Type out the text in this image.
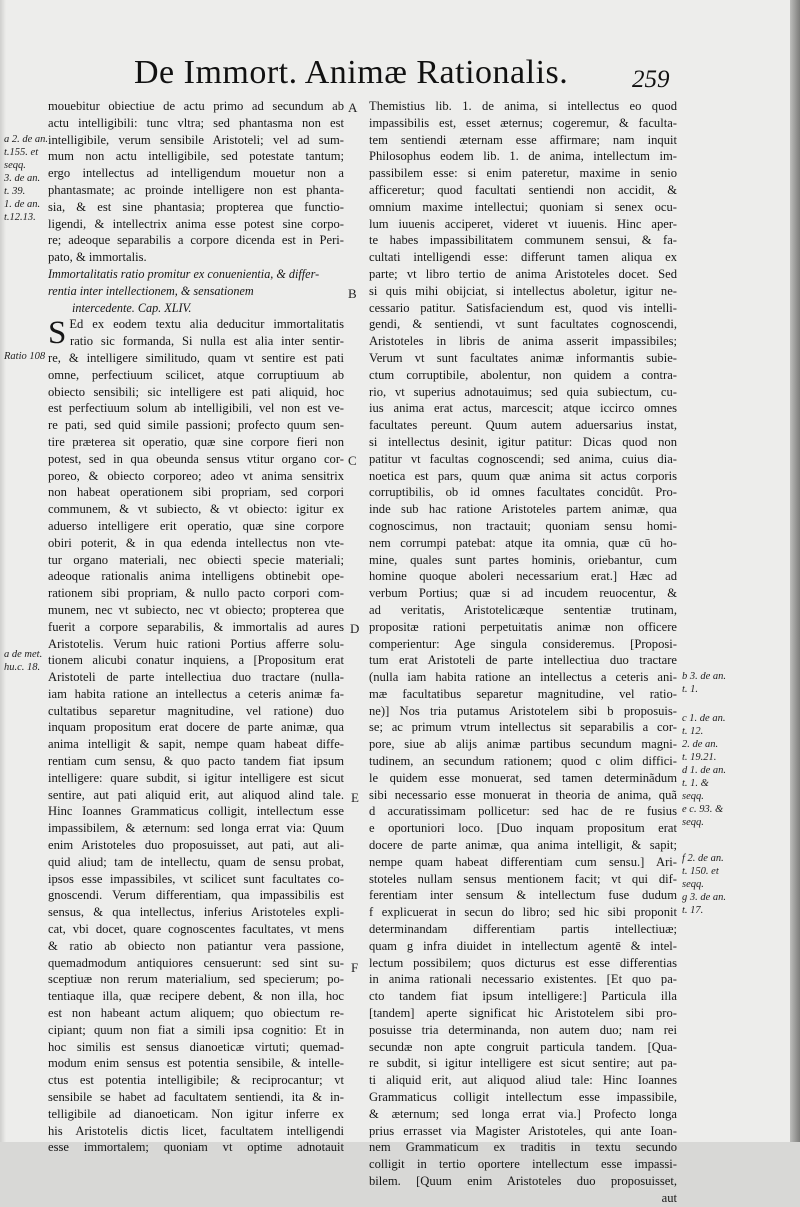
De Immort. Animæ Rationalis.	259
a 2. de an.
t.155. et
seqq.
3. de an.
t. 39.
1. de an.
t.12.13.
Ratio 108
a de met.
hu.c. 18.
mouebitur obiectiue de actu primo ad secundum ab
actu intelligibili: tunc vltra; sed phantasma non est
intelligibile, verum sensibile Aristoteli; vel ad sum-
mum non actu intelligibile, sed potestate tantum;
ergo intellectus ad intelligendum mouetur non a
phantasmate; ac proinde intelligere non est phanta-
sia, & est sine phantasia; propterea que functio-
ligendi, & intellectrix anima esse potest sine corpo-
re; adeoque separabilis a corpore dicenda est in Peri-
pato, & immortalis.
Immortalitatis ratio promitur ex conuenientia, & differ-
rentia inter intellectionem, & sensationem
intercedente. Cap. XLIV.
S Ed ex eodem textu alia deducitur immortalitatis
ratio sic formanda, Si nulla est alia inter sentir-
re, & intelligere similitudo, quam vt sentire est pati
omne, perfectiuum scilicet, atque corruptiuum ab
obiecto sensibili; sic intelligere est pati aliquid, hoc
est perfectiuum solum ab intelligibili, vel non est ve-
re pati, sed quid simile passioni; profecto quum sen-
tire præterea sit operatio, quæ sine corpore fieri non
potest, sed in qua obeunda sensus vtitur organo cor-
poreo, & obiecto corporeo; adeo vt anima sensitrix
non habeat operationem sibi propriam, sed corpori
communem, & vt subiecto, & vt obiecto: igitur ex
aduerso intelligere erit operatio, quæ sine corpore
obiri poterit, & in qua edenda intellectus non vte-
tur organo materiali, nec obiecti specie materiali;
adeoque rationalis anima intelligens obtinebit ope-
rationem sibi propriam, & nullo pacto corpori com-
munem, nec vt subiecto, nec vt obiecto; propterea que
fuerit a corpore separabilis, & immortalis ad aures
Aristotelis. Verum huic rationi Portius afferre solu-
tionem alicubi conatur inquiens, a [Propositum erat
Aristoteli de parte intellectiua duo tractare (nulla-
iam habita ratione an intellectus a ceteris animæ fa-
cultatibus separetur magnitudine, vel ratione) duo
inquam propositum erat docere de parte animæ, qua
anima intelligit & sapit, nempe quam habeat diffe-
rentiam cum sensu, & quo pacto tandem fiat ipsum
intelligere: quare subdit, si igitur intelligere est sicut
sentire, aut pati aliquid erit, aut aliquod alind tale.
Hinc Ioannes Grammaticus colligit, intellectum esse
impassibilem, & æternum: sed longa errat via: Quum
enim Aristoteles duo proposuisset, aut pati, aut ali-
quid aliud; tam de intellectu, quam de sensu probat,
ipsos esse impassibiles, vt scilicet sunt facultates co-
gnoscendi. Verum differentiam, qua impassibilis est
sensus, & qua intellectus, inferius Aristoteles expli-
cat, vbi docet, quare cognoscentes facultates, vt mens
& ratio ab obiecto non patiantur vera passione,
quemadmodum antiquiores censuerunt: sed sint su-
sceptiuæ non rerum materialium, sed specierum; po-
tentiaque illa, quæ recipere debent, & non illa, hoc
est non habeant actum aliquem; quo obiectum re-
cipiant; quum non fiat a simili ipsa cognitio: Et in
hoc similis est sensus dianoeticæ virtuti; quemad-
modum enim sensus est potentia sensibile, & intelle-
ctus est potentia intelligibile; & reciprocantur; vt
sensibile se habet ad facultatem sentiendi, ita & in-
telligibile ad dianoeticam. Non igitur inferre ex
his Aristotelis dictis licet, facultatem intelligendi
esse immortalem; quoniam vt optime adnotauit
A
B
C
D
E
F
Themistius lib. 1. de anima, si intellectus eo quod
impassibilis est, esset æternus; cogeremur, & faculta-
tem sentiendi æternam esse affirmare; nam inquit
Philosophus eodem lib. 1. de anima, intellectum im-
passibilem esse: si enim pateretur, maxime in senio
afficeretur; quod facultati sentiendi non accidit, &
omnium maxime intellectui; quoniam si senex ocu-
lum iuuenis acciperet, videret vt iuuenis. Hinc aper-
te habes impassibilitatem communem sensui, & fa-
cultati intelligendi esse: differunt tamen aliqua ex
parte; vt libro tertio de anima Aristoteles docet. Sed
si quis mihi obijciat, si intellectus aboletur, igitur ne-
cessario patitur. Satisfaciendum est, quod vis intelli-
gendi, & sentiendi, vt sunt facultates cognoscendi,
Aristoteles in libris de anima asserit impassibiles;
Verum vt sunt facultates animæ informantis subie-
ctum corruptibile, abolentur, non quidem a contra-
rio, vt superius adnotauimus; sed quia subiectum, cu-
ius anima erat actus, marcescit; atque iccirco omnes
facultates pereunt. Quum autem aduersarius instat,
si intellectus desinit, igitur patitur: Dicas quod non
patitur vt facultas cognoscendi; sed anima, cuius dia-
noetica est pars, quum quæ anima sit actus corporis
corruptibilis, ob id omnes facultates concidût. Pro-
inde sub hac ratione Aristoteles partem animæ, qua
cognoscimus, non tractauit; quoniam sensu homi-
nem corrumpi patebat: atque ita omnia, quæ cū ho-
mine, quales sunt partes hominis, oriebantur, cum
homine quoque aboleri necessarium erat.] Hæc ad
verbum Portius; quæ si ad incudem reuocentur, &
ad veritatis, Aristotelicæque sententiæ trutinam,
propositæ rationi perpetuitatis animæ non officere
comperientur: Age singula consideremus. [Proposi-
tum erat Aristoteli de parte intellectiua duo tractare
(nulla iam habita ratione an intellectus a ceteris ani-
mæ facultatibus separetur magnitudine, vel ratio-
ne)] Nos tria putamus Aristotelem sibi b proposuis-
se; ac primum vtrum intellectus sit separabilis a cor-
pore, siue ab alijs animæ partibus secundum magni-
tudinem, an secundum rationem; quod c olim diffici-
le quidem esse monuerat, sed tamen determinãdum
sibi necessario esse monuerat in theoria de anima, quã
d accuratissimam pollicetur: sed hac de re fusius
e oportuniori loco. [Duo inquam propositum erat
docere de parte animæ, qua anima intelligit, & sapit;
nempe quam habeat differentiam cum sensu.] Ari-
stoteles nullam sensus mentionem facit; vt qui dif-
ferentiam inter sensum & intellectum fuse dudum
f explicuerat in secun do libro; sed hic sibi proponit
determinandam differentiam partis intellectiuæ;
quam g infra diuidet in intellectum agentē & intel-
lectum possibilem; quos dicturus est esse differentias
in anima rationali necessario existentes. [Et quo pa-
cto tandem fiat ipsum intelligere:] Particula illa
[tandem] aperte significat hic Aristotelem sibi pro-
posuisse tria determinanda, non autem duo; nam rei
secundæ non apte congruit particula tandem. [Qua-
re subdit, si igitur intelligere est sicut sentire; aut pa-
ti aliquid erit, aut aliquod aliud tale: Hinc Ioannes
Grammaticus colligit intellectum esse impassibile,
& æternum; sed longa errat via.] Profecto longa
prius errasset via Magister Aristoteles, qui ante Ioan-
nem Grammaticum ex traditis in textu secundo
colligit in tertio oportere intellectum esse impassi-
bilem. [Quum enim Aristoteles duo proposuisset,
aut
b 3. de an.
t. 1.
c 1. de an.
t. 12.
2. de an.
t. 19.21.
d 1. de an.
t. 1. &
seqq.
e c. 93. &
seqq.
f 2. de an.
t. 150. et
seqq.
g 3. de an.
t. 17.
